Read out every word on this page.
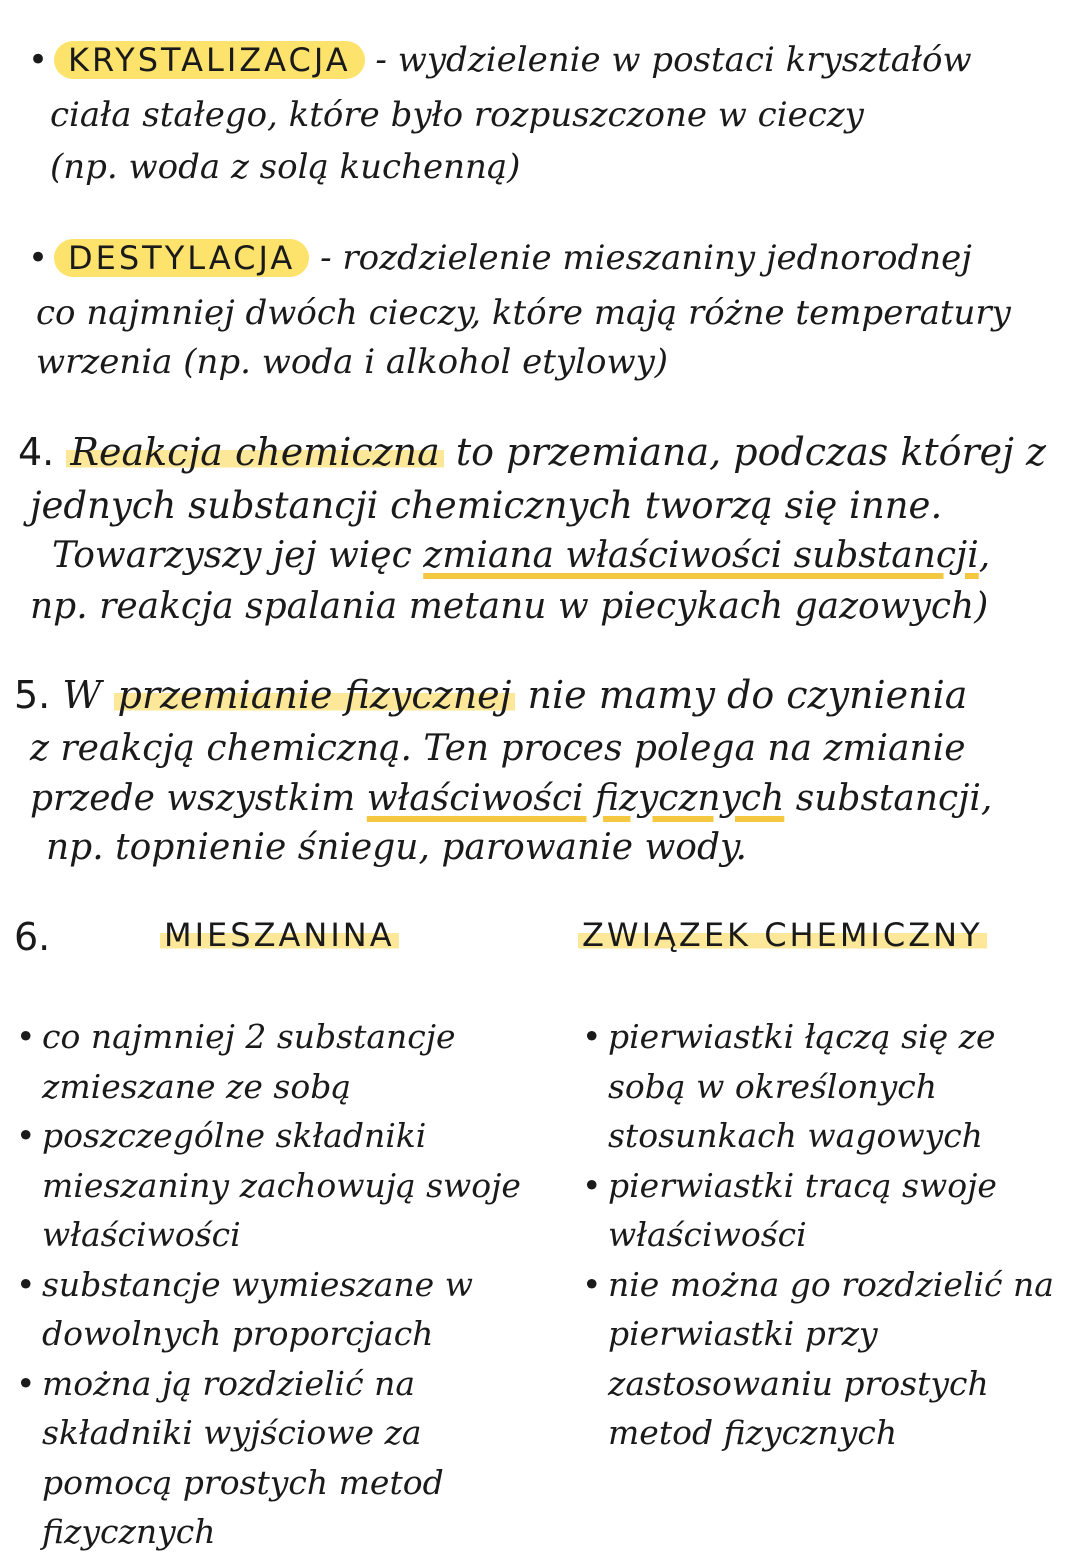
• KRYSTALIZACJA - wydzielenie w postaci kryształów
ciała stałego, które było rozpuszczone w cieczy
(np. woda z solą kuchenną)
• DESTYLACJA - rozdzielenie mieszaniny jednorodnej
co najmniej dwóch cieczy, które mają różne temperatury
wrzenia (np. woda i alkohol etylowy)
4. Reakcja chemiczna to przemiana, podczas której z
jednych substancji chemicznych tworzą się inne.
Towarzyszy jej więc zmiana właściwości substancji,
np. reakcja spalania metanu w piecykach gazowych)
5. W przemianie fizycznej nie mamy do czynienia
z reakcją chemiczną. Ten proces polega na zmianie
przede wszystkim właściwości fizycznych substancji,
np. topnienie śniegu, parowanie wody.
6.	MIESZANINA	ZWIĄZEK CHEMICZNY
• co najmniej 2 substancje zmieszane ze sobą
• poszczególne składniki mieszaniny zachowują swoje właściwości
• substancje wymieszane w dowolnych proporcjach
• można ją rozdzielić na składniki wyjściowe za pomocą prostych metod fizycznych
• pierwiastki łączą się ze sobą w określonych stosunkach wagowych
• pierwiastki tracą swoje właściwości
• nie można go rozdzielić na pierwiastki przy zastosowaniu prostych metod fizycznych
